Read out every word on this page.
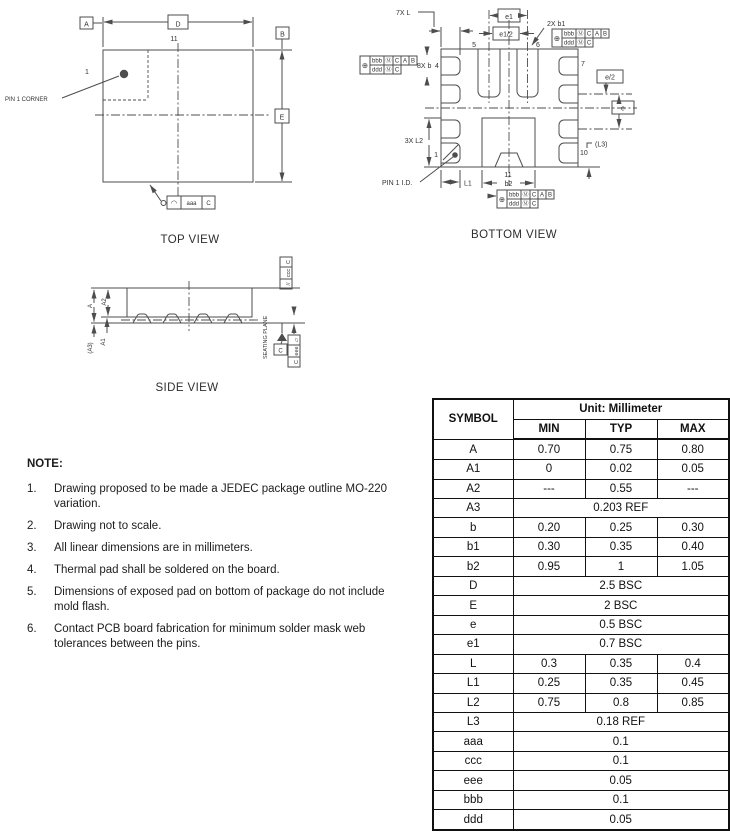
D
A
B
E
11
1
PIN 1 CORNER
◠ aaa C
TOP VIEW
⊕ bbb Ⓜ C A B
ddd Ⓜ C
⊕ bbb Ⓜ C A B
ddd Ⓜ C
⊕ bbb Ⓜ C A B
ddd Ⓜ C
e1
e1/2
2X b1
7X L
8X b 4
5	6
7
10
1
e/2
e
3X L2
PIN 1 I.D.	L1
11
b2
(L3)
BOTTOM VIEW
A
A2
(A3)
A1
C
ccc
//
▱
eee
C
C
SEATING PLANE
SIDE VIEW
NOTE:
1.	Drawing proposed to be made a JEDEC package outline MO-220 variation.
2.	Drawing not to scale.
3.	All linear dimensions are in millimeters.
4.	Thermal pad shall be soldered on the board.
5.	Dimensions of exposed pad on bottom of package do not include mold flash.
6.	Contact PCB board fabrication for minimum solder mask web tolerances between the pins.
SYMBOL	Unit: Millimeter		
	MIN	TYP	MAX
A	0.70	0.75	0.80
A1	0	0.02	0.05
A2	---	0.55	---
A3	0.203 REF		
b	0.20	0.25	0.30
b1	0.30	0.35	0.40
b2	0.95	1	1.05
D	2.5 BSC		
E	2 BSC		
e	0.5 BSC		
e1	0.7 BSC		
L	0.3	0.35	0.4
L1	0.25	0.35	0.45
L2	0.75	0.8	0.85
L3	0.18 REF		
aaa	0.1		
ccc	0.1		
eee	0.05		
bbb	0.1		
ddd	0.05		
